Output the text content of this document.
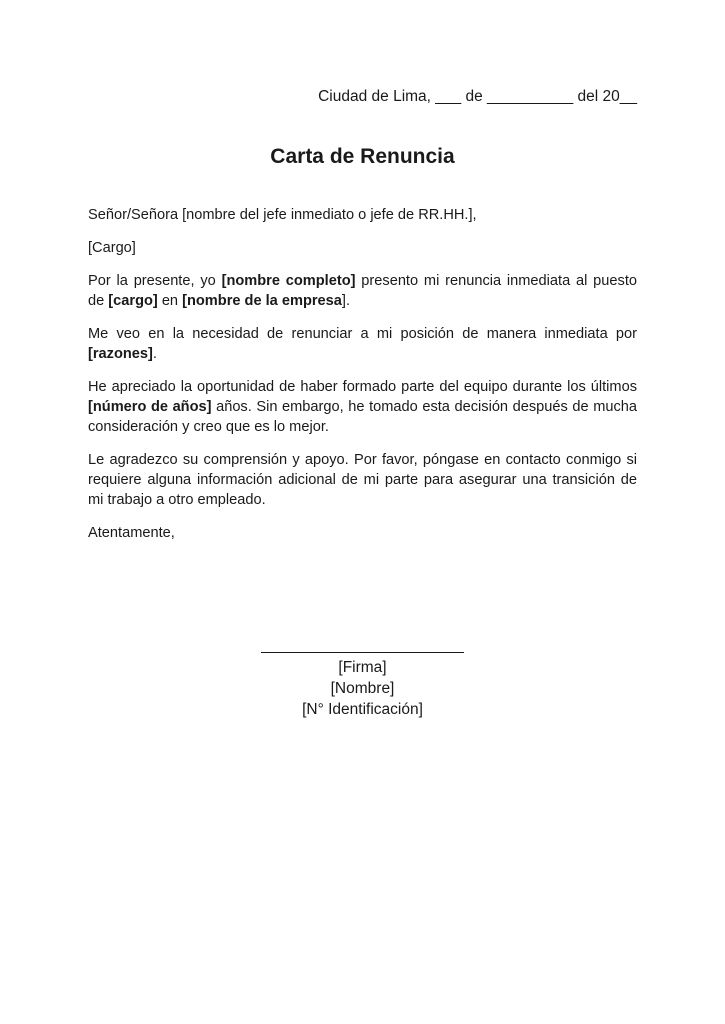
Ciudad de Lima, ___ de __________ del 20__
Carta de Renuncia

Señor/Señora [nombre del jefe inmediato o jefe de RR.HH.],

[Cargo]

Por la presente, yo [nombre completo] presento mi renuncia inmediata al puesto de [cargo] en [nombre de la empresa].

Me veo en la necesidad de renunciar a mi posición de manera inmediata por [razones].

He apreciado la oportunidad de haber formado parte del equipo durante los últimos [número de años] años. Sin embargo, he tomado esta decisión después de mucha consideración y creo que es lo mejor.

Le agradezco su comprensión y apoyo. Por favor, póngase en contacto conmigo si requiere alguna información adicional de mi parte para asegurar una transición de mi trabajo a otro empleado.

Atentamente,

[Firma]
[Nombre]
[N° Identificación]
